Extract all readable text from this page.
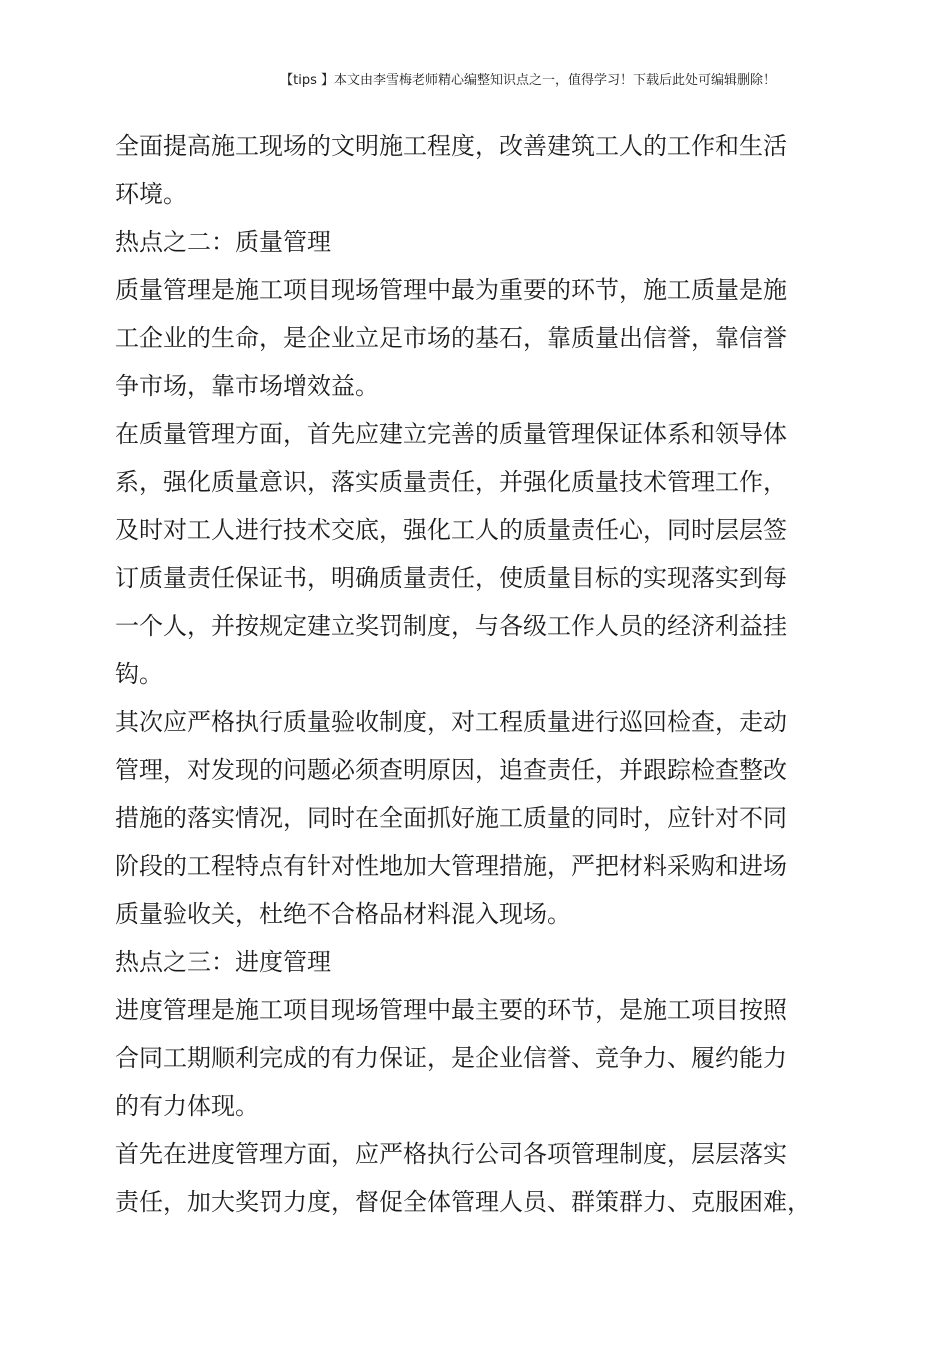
【tips 】本文由李雪梅老师精心编整知识点之一，值得学习！下载后此处可编辑删除！
全面提高施工现场的文明施工程度，改善建筑工人的工作和生活
环境。
热点之二：质量管理
质量管理是施工项目现场管理中最为重要的环节，施工质量是施
工企业的生命，是企业立足市场的基石，靠质量出信誉，靠信誉
争市场，靠市场增效益。
在质量管理方面，首先应建立完善的质量管理保证体系和领导体
系，强化质量意识，落实质量责任，并强化质量技术管理工作，
及时对工人进行技术交底，强化工人的质量责任心，同时层层签
订质量责任保证书，明确质量责任，使质量目标的实现落实到每
一个人，并按规定建立奖罚制度，与各级工作人员的经济利益挂
钩。
其次应严格执行质量验收制度，对工程质量进行巡回检查，走动
管理，对发现的问题必须查明原因，追查责任，并跟踪检查整改
措施的落实情况，同时在全面抓好施工质量的同时，应针对不同
阶段的工程特点有针对性地加大管理措施，严把材料采购和进场
质量验收关，杜绝不合格品材料混入现场。
热点之三：进度管理
进度管理是施工项目现场管理中最主要的环节，是施工项目按照
合同工期顺利完成的有力保证，是企业信誉、竞争力、履约能力
的有力体现。
首先在进度管理方面，应严格执行公司各项管理制度，层层落实
责任，加大奖罚力度，督促全体管理人员、群策群力、克服困难，
